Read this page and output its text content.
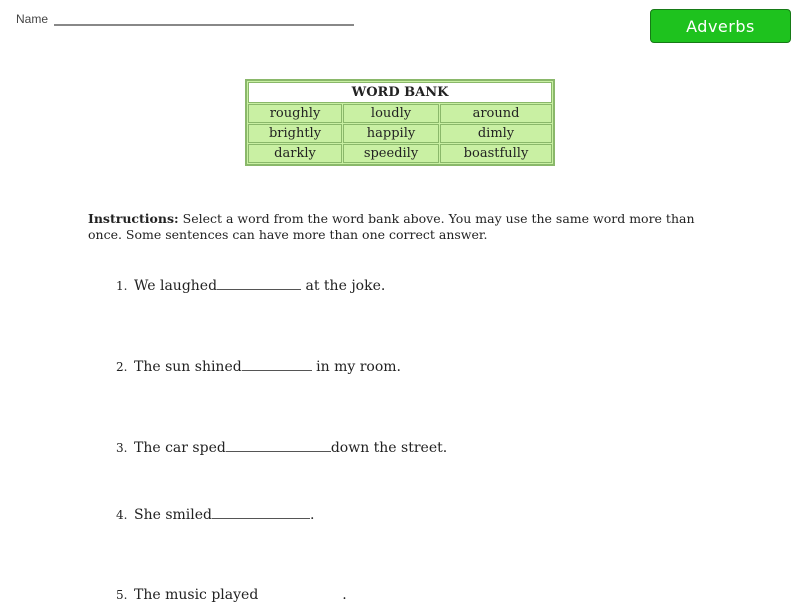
Name	Adverbs
WORD BANK
roughly	loudly	around
brightly	happily	dimly
darkly	speedily	boastfully
Instructions: Select a word from the word bank above. You may use the same word more than once. Some sentences can have more than one correct answer.
1. We laughed	at the joke.
2. The sun shined	in my room.
3. The car sped	down the street.
4. She smiled	.
5. The music played	.
